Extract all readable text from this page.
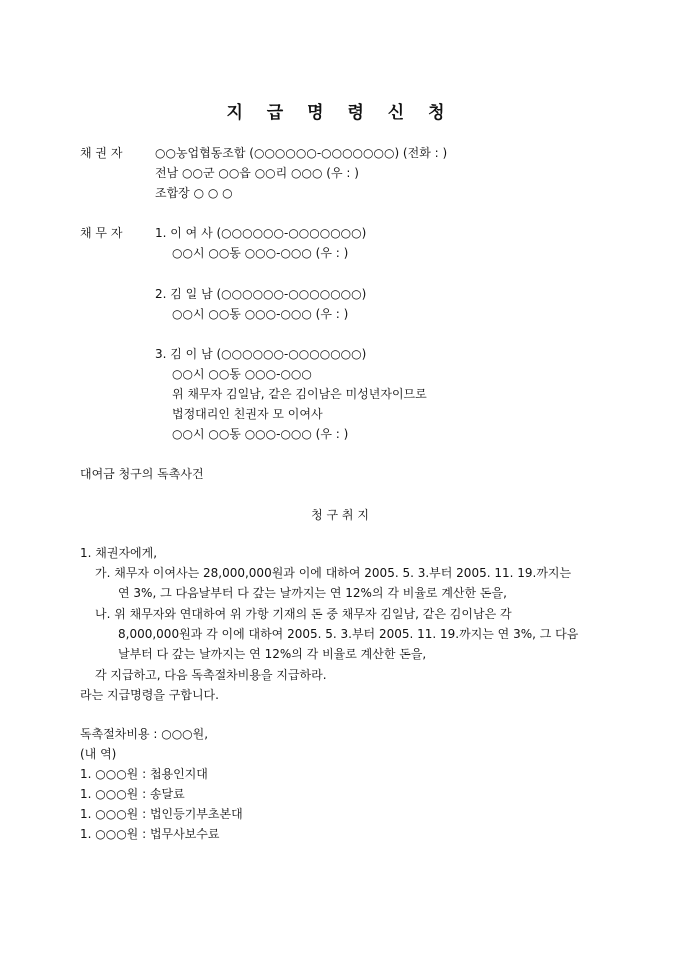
지 급 명 령 신 청
채 권 자	○○농업협동조합 (○○○○○○-○○○○○○○) (전화 : )
전남 ○○군 ○○읍 ○○리 ○○○ (우 : )
조합장 ○ ○ ○
채 무 자	1. 이 여 사 (○○○○○○-○○○○○○○)
○○시 ○○동 ○○○-○○○ (우 : )
2. 김 일 남 (○○○○○○-○○○○○○○)
○○시 ○○동 ○○○-○○○ (우 : )
3. 김 이 남 (○○○○○○-○○○○○○○)
○○시 ○○동 ○○○-○○○
위 채무자 김일남, 같은 김이남은 미성년자이므로
법정대리인 친권자 모 이여사
○○시 ○○동 ○○○-○○○ (우 : )
대여금 청구의 독촉사건
청 구 취 지
1. 채권자에게,
가. 채무자 이여사는 28,000,000원과 이에 대하여 2005. 5. 3.부터 2005. 11. 19.까지는
연 3%, 그 다음날부터 다 갚는 날까지는 연 12%의 각 비율로 계산한 돈을,
나. 위 채무자와 연대하여 위 가항 기재의 돈 중 채무자 김일남, 같은 김이남은 각
8,000,000원과 각 이에 대하여 2005. 5. 3.부터 2005. 11. 19.까지는 연 3%, 그 다음
날부터 다 갚는 날까지는 연 12%의 각 비율로 계산한 돈을,
각 지급하고, 다음 독촉절차비용을 지급하라.
라는 지급명령을 구합니다.
독촉절차비용 : ○○○원,
(내 역)
1. ○○○원 : 첩용인지대
1. ○○○원 : 송달료
1. ○○○원 : 법인등기부초본대
1. ○○○원 : 법무사보수료
